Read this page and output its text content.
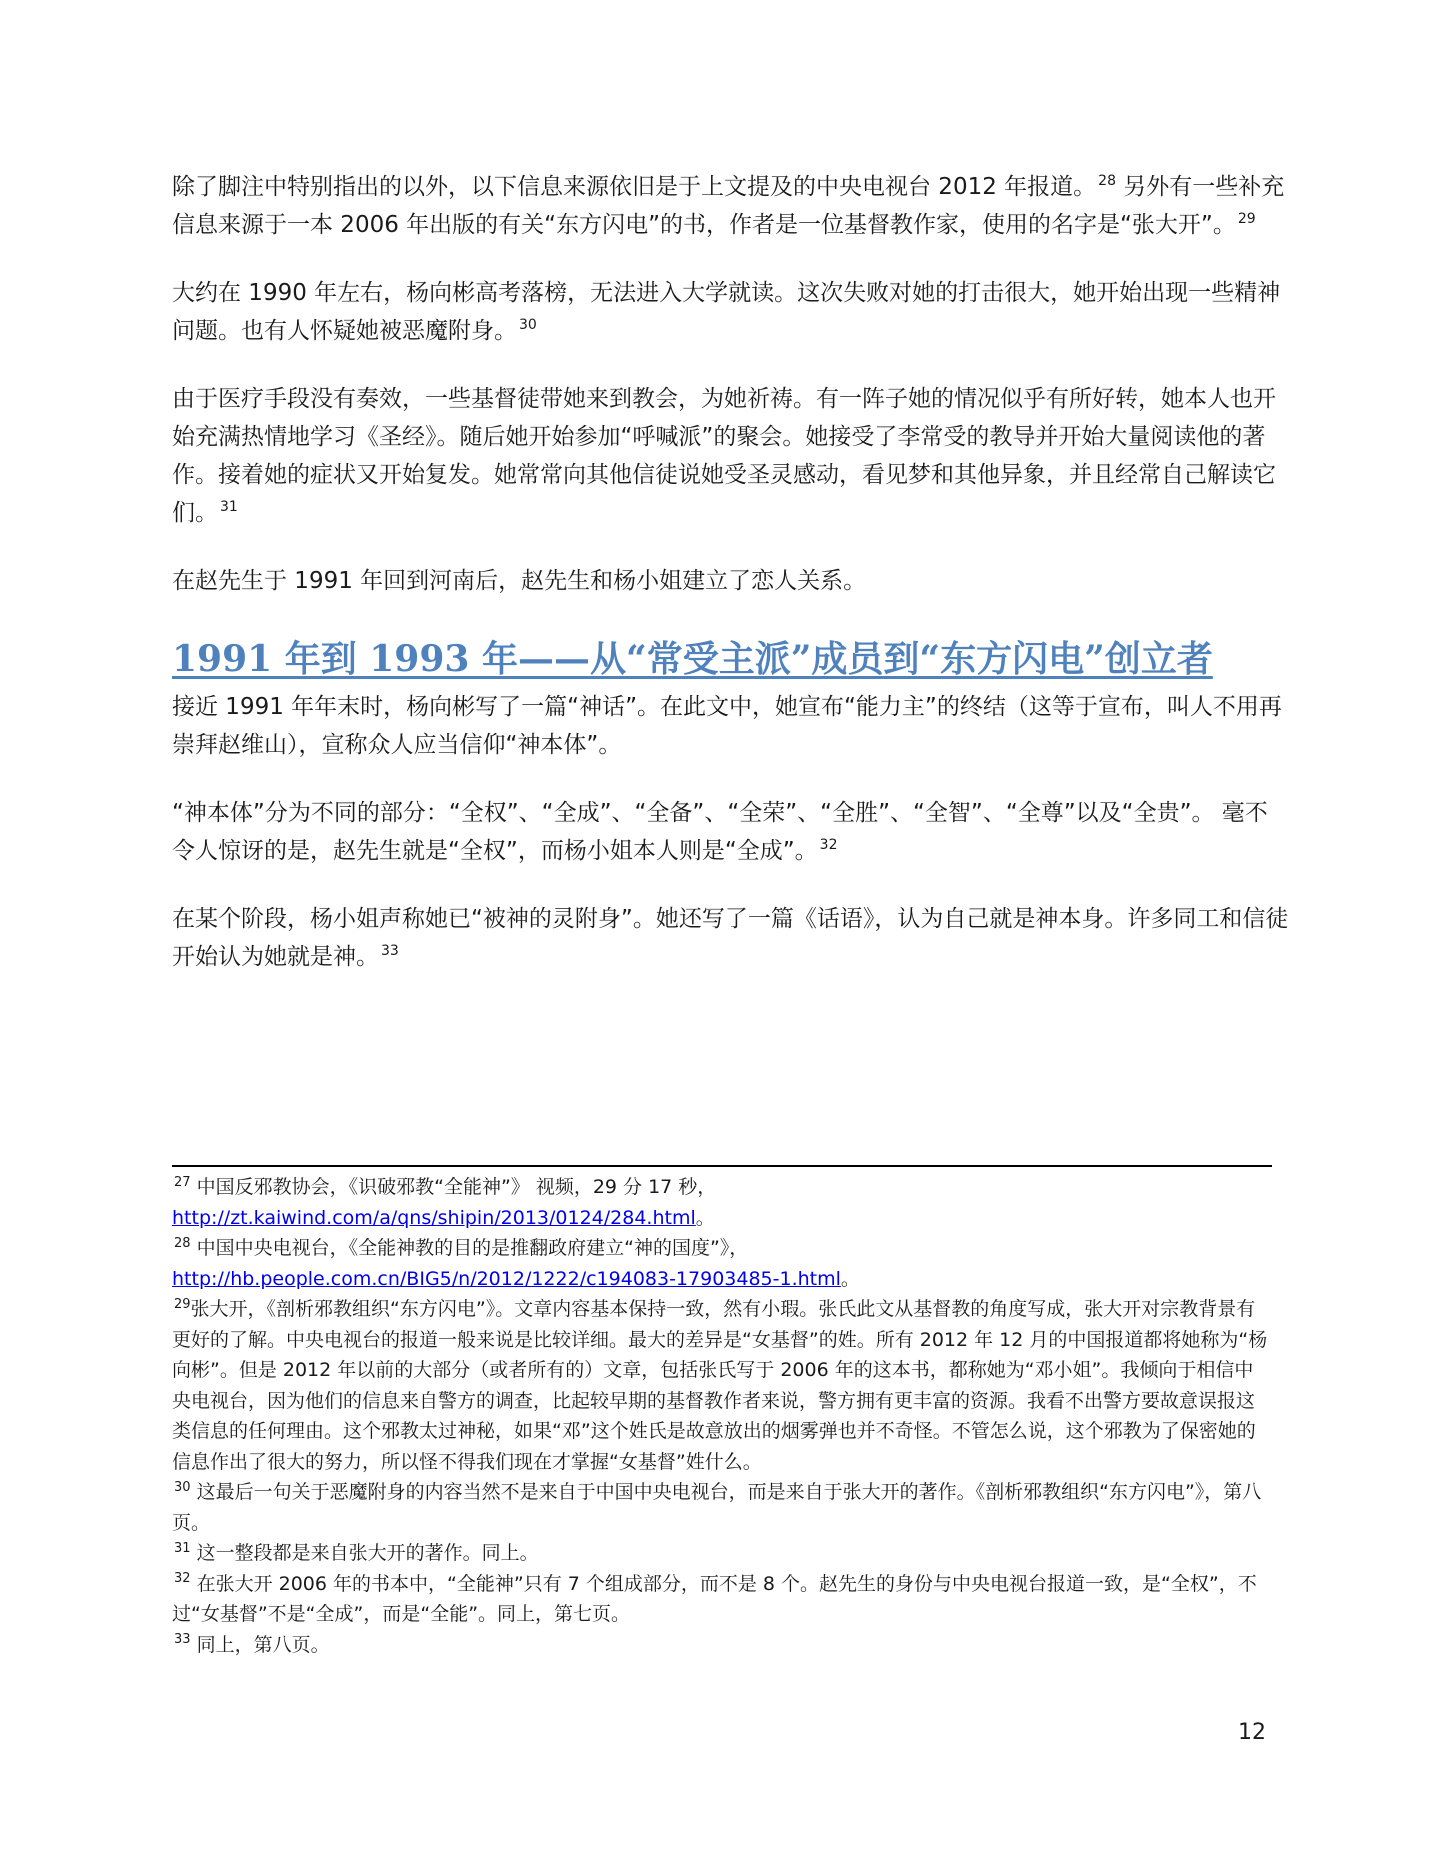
除了脚注中特别指出的以外，以下信息来源依旧是于上文提及的中央电视台 2012 年报道。 $^{28}$ 另外有一些补充信息来源于一本 2006 年出版的有关“东方闪电”的书，作者是一位基督教作家，使用的名字是“张大开”。 $^{29}$

大约在 1990 年左右，杨向彬高考落榜，无法进入大学就读。这次失败对她的打击很大，她开始出现一些精神问题。也有人怀疑她被恶魔附身。 $^{30}$

由于医疗手段没有奏效，一些基督徒带她来到教会，为她祈祷。有一阵子她的情况似乎有所好转，她本人也开始充满热情地学习《圣经》。随后她开始参加“呼喊派”的聚会。她接受了李常受的教导并开始大量阅读他的著作。接着她的症状又开始复发。她常常向其他信徒说她受圣灵感动，看见梦和其他异象，并且经常自己解读它们。 $^{31}$

在赵先生于 1991 年回到河南后，赵先生和杨小姐建立了恋人关系。

1991 年到 1993 年——从“常受主派”成员到“东方闪电”创立者

接近 1991 年年末时，杨向彬写了一篇“神话”。在此文中，她宣布“能力主”的终结（这等于宣布，叫人不用再崇拜赵维山），宣称众人应当信仰“神本体”。

“神本体”分为不同的部分：“全权”、“全成”、“全备”、“全荣”、“全胜”、“全智”、“全尊”以及“全贵”。 毫不令人惊讶的是，赵先生就是“全权”，而杨小姐本人则是“全成”。 $^{32}$

在某个阶段，杨小姐声称她已“被神的灵附身”。她还写了一篇《话语》，认为自己就是神本身。许多同工和信徒开始认为她就是神。 $^{33}$

$^{27}$ 中国反邪教协会，《识破邪教“全能神”》 视频，29 分 17 秒，
http://zt.kaiwind.com/a/qns/shipin/2013/0124/284.html。

$^{28}$ 中国中央电视台，《全能神教的目的是推翻政府建立“神的国度”》，
http://hb.people.com.cn/BIG5/n/2012/1222/c194083-17903485-1.html。

$^{29}$张大开，《剖析邪教组织“东方闪电”》。文章内容基本保持一致，然有小瑕。张氏此文从基督教的角度写成，张大开对宗教背景有更好的了解。中央电视台的报道一般来说是比较详细。最大的差异是“女基督”的姓。所有 2012 年 12 月的中国报道都将她称为“杨向彬”。但是 2012 年以前的大部分（或者所有的）文章，包括张氏写于 2006 年的这本书，都称她为“邓小姐”。我倾向于相信中央电视台，因为他们的信息来自警方的调查，比起较早期的基督教作者来说，警方拥有更丰富的资源。我看不出警方要故意误报这类信息的任何理由。这个邪教太过神秘，如果“邓”这个姓氏是故意放出的烟雾弹也并不奇怪。不管怎么说，这个邪教为了保密她的信息作出了很大的努力，所以怪不得我们现在才掌握“女基督”姓什么。

$^{30}$ 这最后一句关于恶魔附身的内容当然不是来自于中国中央电视台，而是来自于张大开的著作。《剖析邪教组织“东方闪电”》，第八页。

$^{31}$ 这一整段都是来自张大开的著作。同上。

$^{32}$ 在张大开 2006 年的书本中，“全能神”只有 7 个组成部分，而不是 8 个。赵先生的身份与中央电视台报道一致，是“全权”，不过“女基督”不是“全成”，而是“全能”。同上，第七页。

$^{33}$ 同上，第八页。

12
